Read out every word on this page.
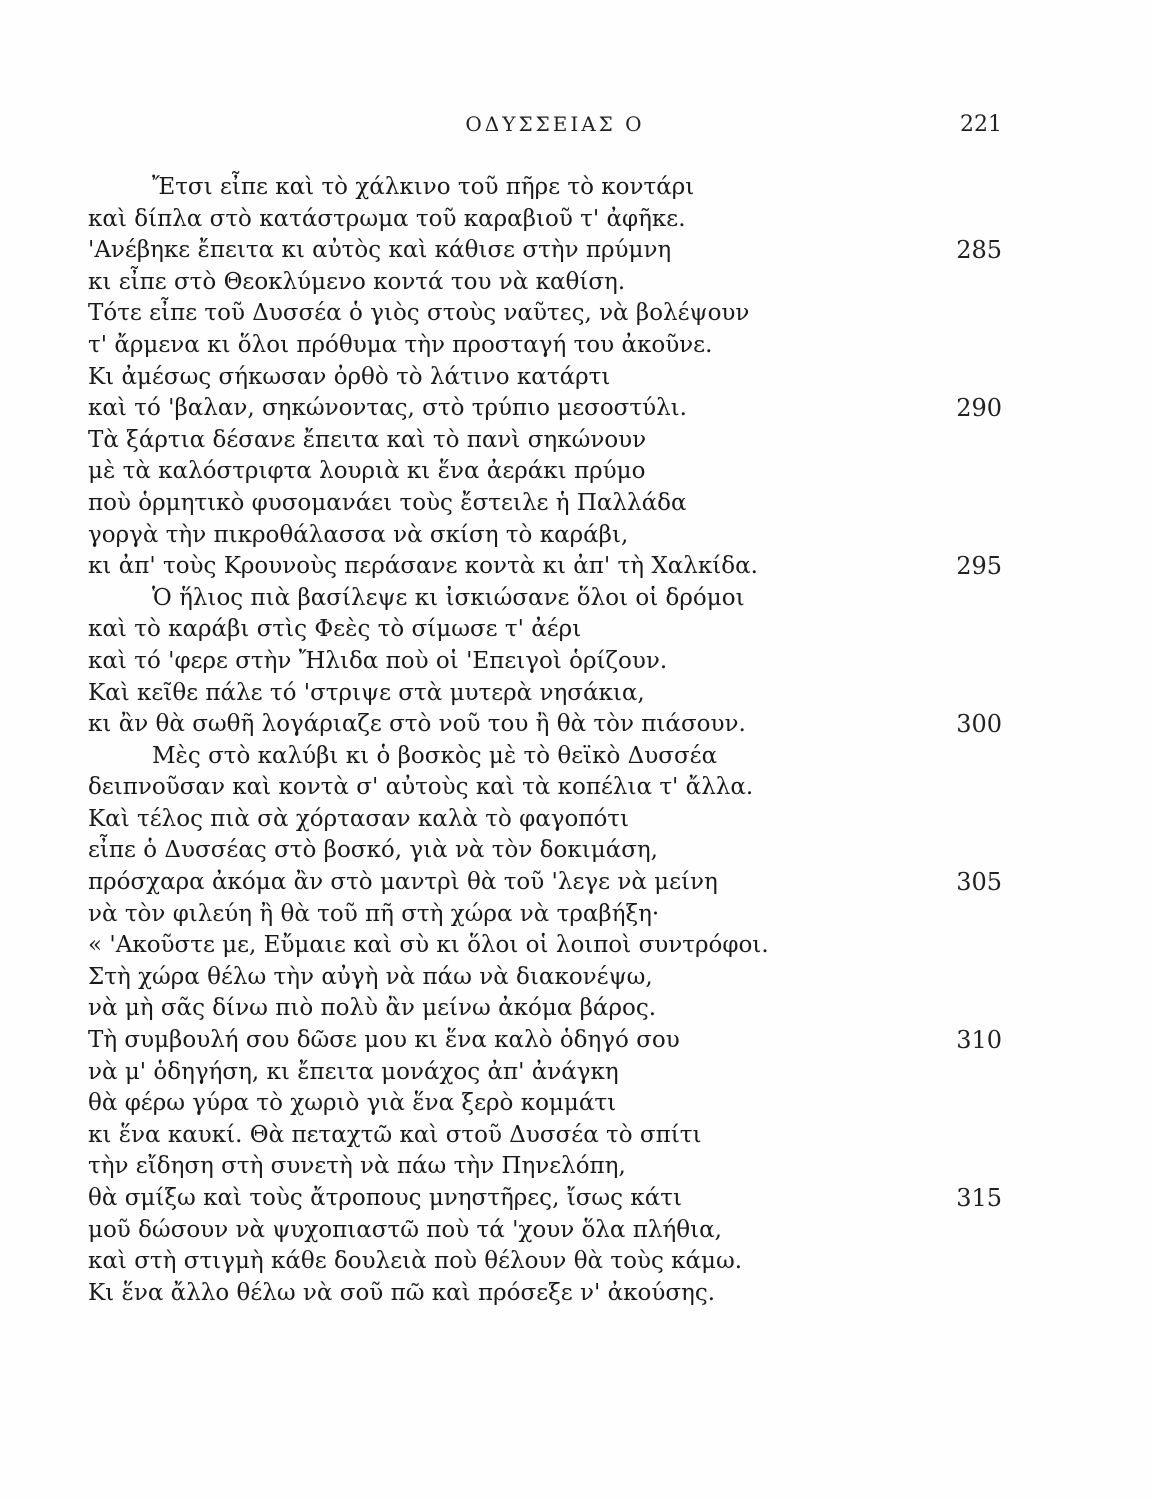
ΟΔΥΣΣΕΙΑΣ Ο	221
Ἔτσι εἶπε καὶ τὸ χάλκινο τοῦ πῆρε τὸ κοντάρι
καὶ δίπλα στὸ κατάστρωμα τοῦ καραβιοῦ τ' ἀφῆκε.
'Ανέβηκε ἔπειτα κι αὐτὸς καὶ κάθισε στὴν πρύμνη	285
κι εἶπε στὸ Θεοκλύμενο κοντά του νὰ καθίση.
Τότε εἶπε τοῦ Δυσσέα ὁ γιὸς στοὺς ναῦτες, νὰ βολέψουν
τ' ἄρμενα κι ὅλοι πρόθυμα τὴν προσταγή του ἀκοῦνε.
Κι ἀμέσως σήκωσαν ὀρθὸ τὸ λάτινο κατάρτι
καὶ τό 'βαλαν, σηκώνοντας, στὸ τρύπιο μεσοστύλι.	290
Τὰ ξάρτια δέσανε ἔπειτα καὶ τὸ πανὶ σηκώνουν
μὲ τὰ καλόστριφτα λουριὰ κι ἕνα ἀεράκι πρύμο
ποὺ ὁρμητικὸ φυσομανάει τοὺς ἔστειλε ἡ Παλλάδα
γοργὰ τὴν πικροθάλασσα νὰ σκίση τὸ καράβι,
κι ἀπ' τοὺς Κρουνοὺς περάσανε κοντὰ κι ἀπ' τὴ Χαλκίδα.	295
Ὁ ἥλιος πιὰ βασίλεψε κι ἰσκιώσανε ὅλοι οἱ δρόμοι
καὶ τὸ καράβι στὶς Φεὲς τὸ σίμωσε τ' ἀέρι
καὶ τό 'φερε στὴν Ἤλιδα ποὺ οἱ 'Επειγοὶ ὁρίζουν.
Καὶ κεῖθε πάλε τό 'στριψε στὰ μυτερὰ νησάκια,
κι ἂν θὰ σωθῆ λογάριαζε στὸ νοῦ του ἢ θὰ τὸν πιάσουν.	300
Μὲς στὸ καλύβι κι ὁ βοσκὸς μὲ τὸ θεϊκὸ Δυσσέα
δειπνοῦσαν καὶ κοντὰ σ' αὐτοὺς καὶ τὰ κοπέλια τ' ἄλλα.
Καὶ τέλος πιὰ σὰ χόρτασαν καλὰ τὸ φαγοπότι
εἶπε ὁ Δυσσέας στὸ βοσκό, γιὰ νὰ τὸν δοκιμάση,
πρόσχαρα ἀκόμα ἂν στὸ μαντρὶ θὰ τοῦ 'λεγε νὰ μείνη	305
νὰ τὸν φιλεύη ἢ θὰ τοῦ πῆ στὴ χώρα νὰ τραβήξη·
« 'Ακοῦστε με, Εὔμαιε καὶ σὺ κι ὅλοι οἱ λοιποὶ συντρόφοι.
Στὴ χώρα θέλω τὴν αὐγὴ νὰ πάω νὰ διακονέψω,
νὰ μὴ σᾶς δίνω πιὸ πολὺ ἂν μείνω ἀκόμα βάρος.
Τὴ συμβουλή σου δῶσε μου κι ἕνα καλὸ ὁδηγό σου	310
νὰ μ' ὁδηγήση, κι ἔπειτα μονάχος ἀπ' ἀνάγκη
θὰ φέρω γύρα τὸ χωριὸ γιὰ ἕνα ξερὸ κομμάτι
κι ἕνα καυκί. Θὰ πεταχτῶ καὶ στοῦ Δυσσέα τὸ σπίτι
τὴν εἴδηση στὴ συνετὴ νὰ πάω τὴν Πηνελόπη,
θὰ σμίξω καὶ τοὺς ἄτροπους μνηστῆρες, ἴσως κάτι	315
μοῦ δώσουν νὰ ψυχοπιαστῶ ποὺ τά 'χουν ὅλα πλήθια,
καὶ στὴ στιγμὴ κάθε δουλειὰ ποὺ θέλουν θὰ τοὺς κάμω.
Κι ἕνα ἄλλο θέλω νὰ σοῦ πῶ καὶ πρόσεξε ν' ἀκούσης.
